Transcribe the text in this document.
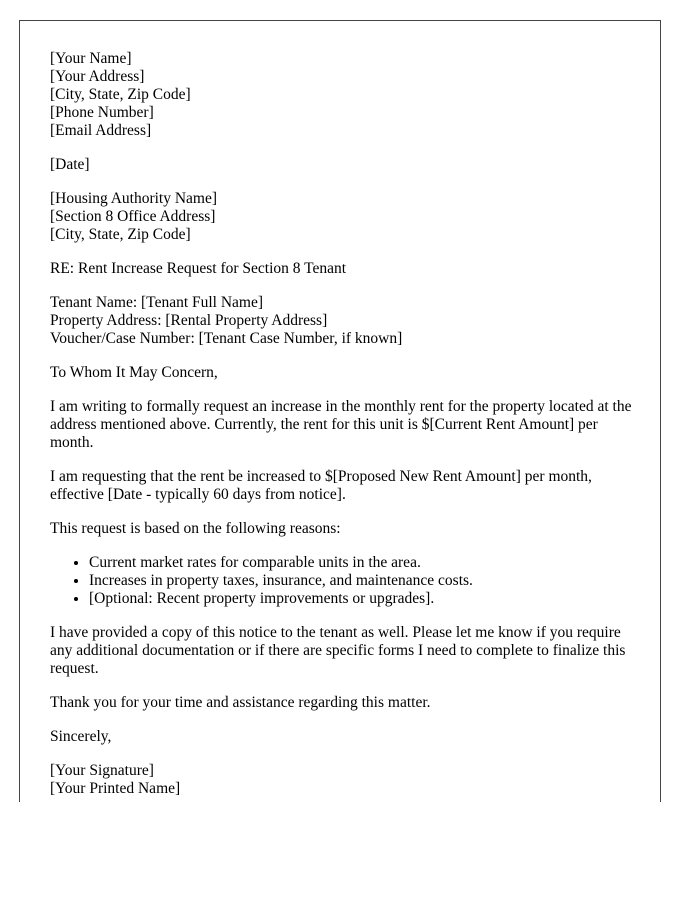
[Your Name]
[Your Address]
[City, State, Zip Code]
[Phone Number]
[Email Address]
[Date]
[Housing Authority Name]
[Section 8 Office Address]
[City, State, Zip Code]

RE: Rent Increase Request for Section 8 Tenant

Tenant Name: [Tenant Full Name]
Property Address: [Rental Property Address]
Voucher/Case Number: [Tenant Case Number, if known]

To Whom It May Concern,

I am writing to formally request an increase in the monthly rent for the property located at the address mentioned above. Currently, the rent for this unit is $[Current Rent Amount] per month.

I am requesting that the rent be increased to $[Proposed New Rent Amount] per month, effective [Date - typically 60 days from notice].

This request is based on the following reasons:

• Current market rates for comparable units in the area.
• Increases in property taxes, insurance, and maintenance costs.
• [Optional: Recent property improvements or upgrades].

I have provided a copy of this notice to the tenant as well. Please let me know if you require any additional documentation or if there are specific forms I need to complete to finalize this request.

Thank you for your time and assistance regarding this matter.

Sincerely,

[Your Signature]
[Your Printed Name]
